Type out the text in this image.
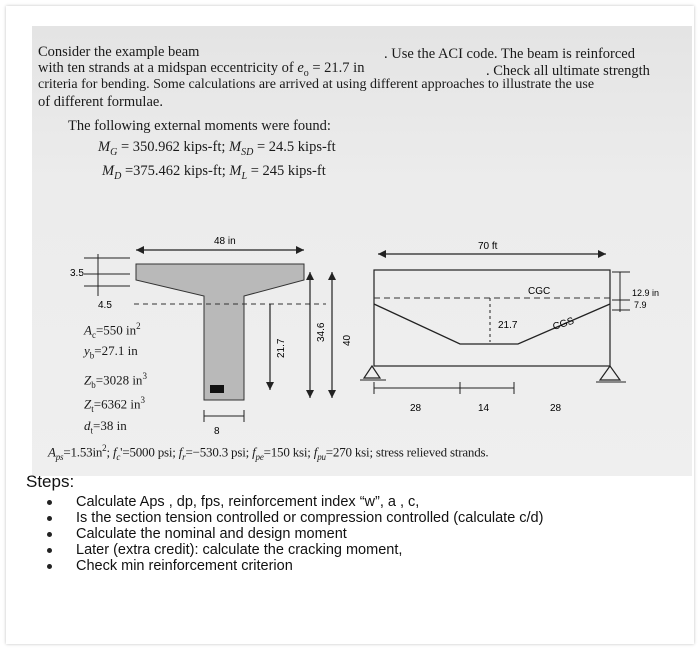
Consider the example beam	. Use the ACI code. The beam is reinforced
with ten strands at a midspan eccentricity of $e_o = 21.7$ in	. Check all ultimate strength
criteria for bending. Some calculations are arrived at using different approaches to illustrate the use
of different formulae.
The following external moments were found:
$M_G = 350.962$ kips-ft; $M_{SD} = 24.5$ kips-ft
$M_D =375.462$ kips-ft; $M_L = 245$ kips-ft
48 in
3.5
4.5
21.7
34.6 40
8
70 ft
CGC
CGS
21.7
12.9 in
7.9
28	14	28
$A_c=550$ $in^2$
$y_b=27.1$ in
$Z_b=3028$ $in^3$
$Z_t=6362$ $in^3$
$d_t=38$ in
$A_{ps}=1.53in^2$; $f_c'=5000$ psi; $f_r=-530.3$ psi; $f_{pe}=150$ ksi; $f_{pu}=270$ ksi; stress relieved strands.
Steps:
Calculate Aps , dp, fps, reinforcement index “w”, a , c,
Is the section tension controlled or compression controlled (calculate c/d)
Calculate the nominal and design moment
Later (extra credit): calculate the cracking moment,
Check min reinforcement criterion
